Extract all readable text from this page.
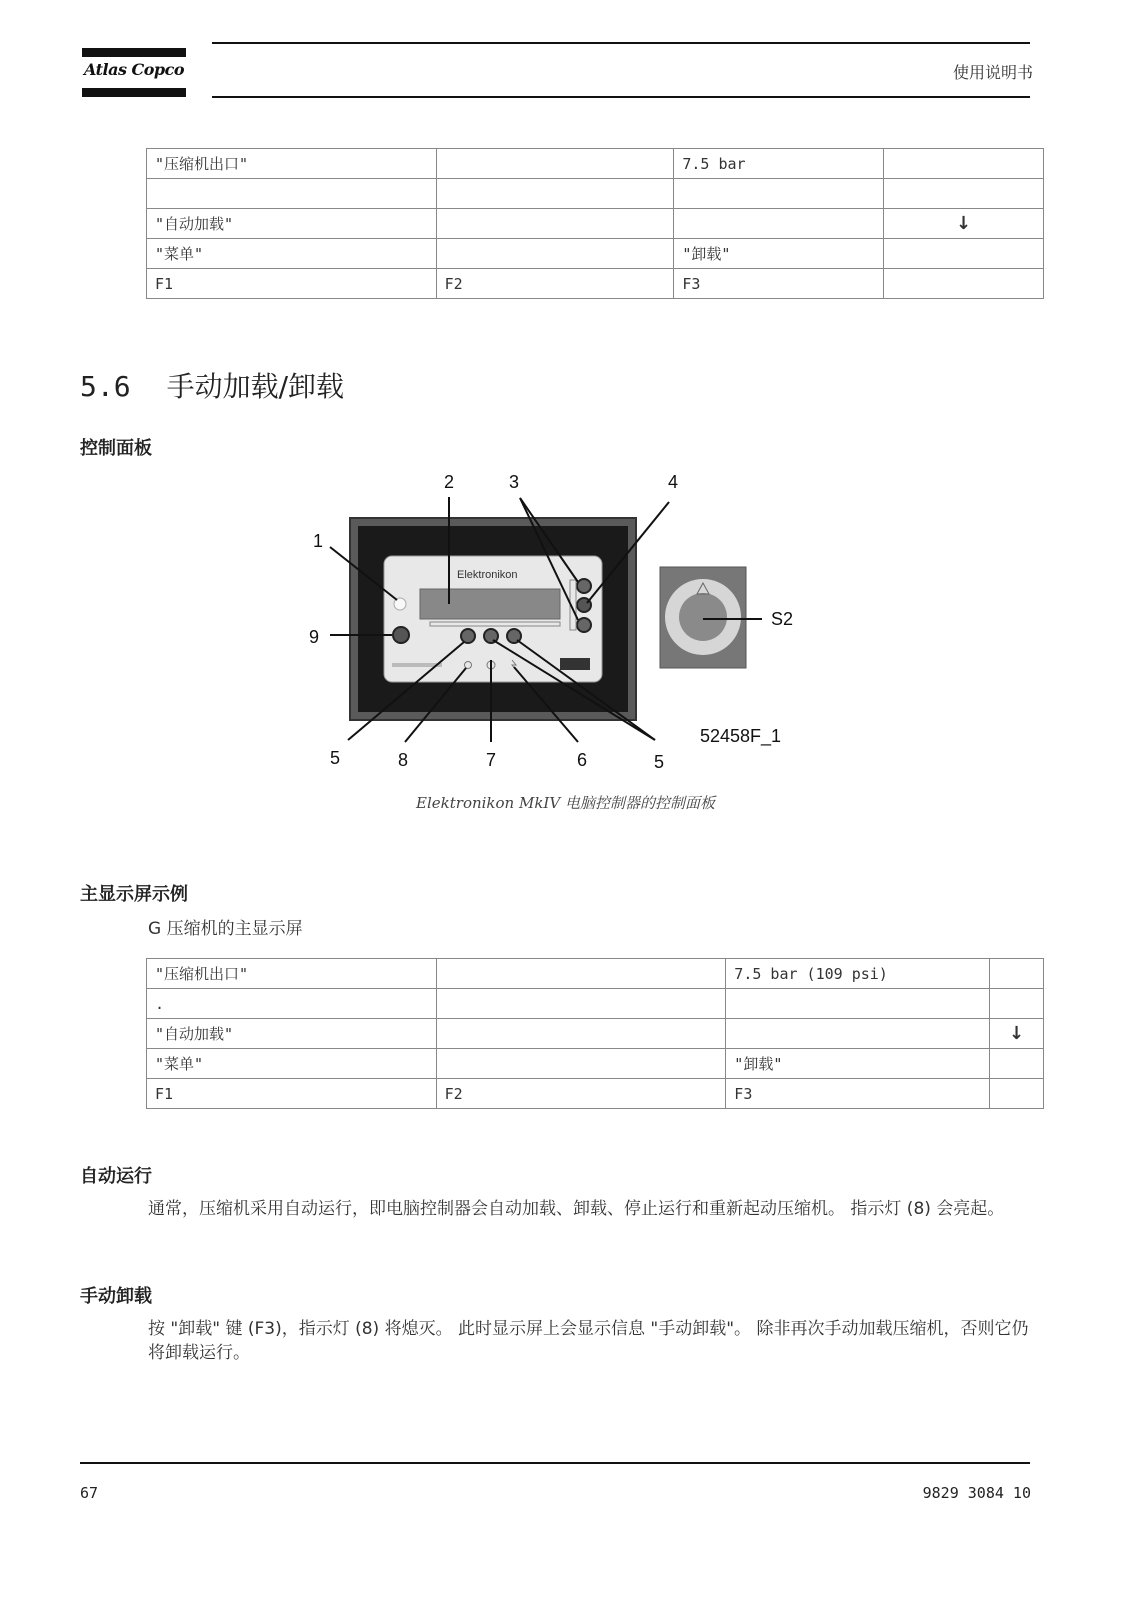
Atlas Copco	使用说明书
"压缩机出口"		7.5 bar	

"自动加载"			↓
"菜单"		"卸载"	
F1	F2	F3	
5.6 手动加载/卸载
控制面板
Elektronikon
1
2	3	4
9
S2
5	8	7	6	5
52458F_1
Elektronikon MkIV 电脑控制器的控制面板
主显示屏示例
G 压缩机的主显示屏
"压缩机出口"		7.5 bar (109 psi)	
.			
"自动加载"			↓
"菜单"		"卸载"	
F1	F2	F3	
自动运行
通常，压缩机采用自动运行，即电脑控制器会自动加载、卸载、停止运行和重新起动压缩机。 指示灯 (8) 会亮起。
手动卸载
按 "卸载" 键 (F3)，指示灯 (8) 将熄灭。 此时显示屏上会显示信息 "手动卸载"。 除非再次手动加载压缩机，否则它仍将卸载运行。
67	9829 3084 10
